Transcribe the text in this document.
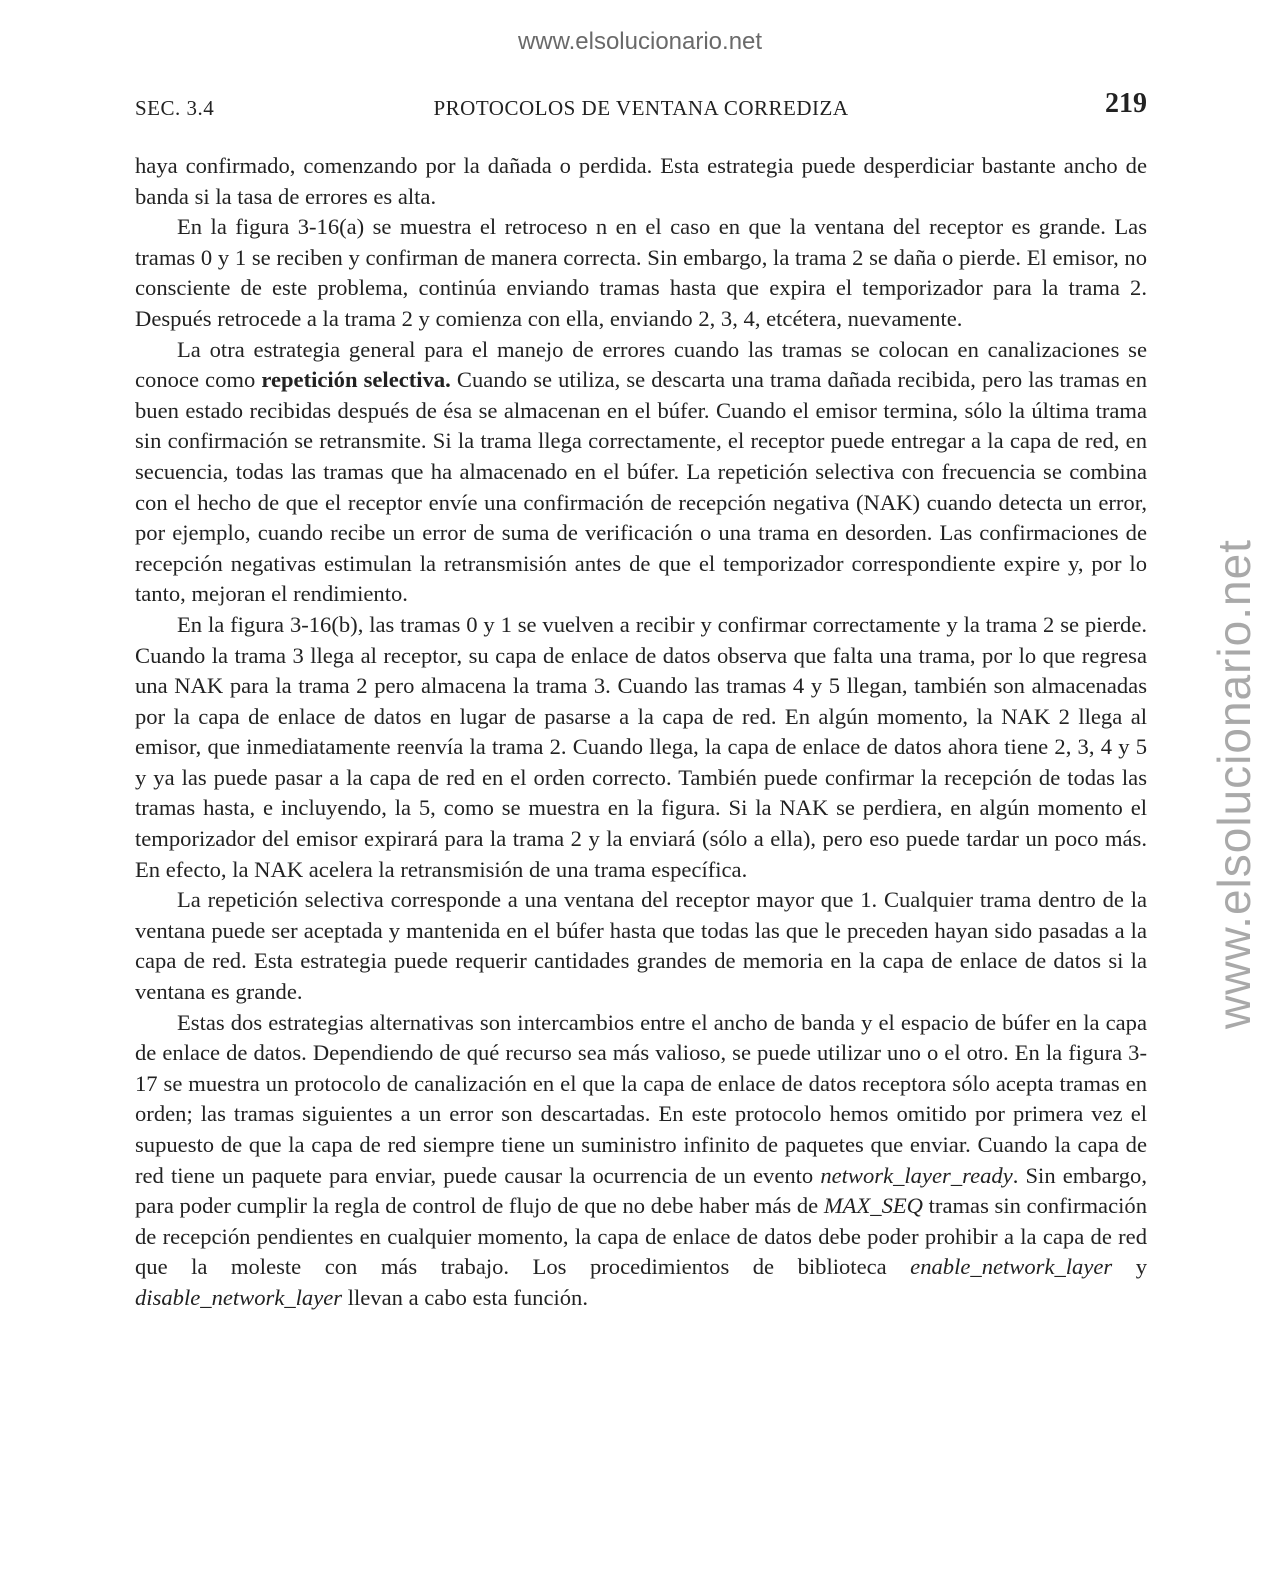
www.elsolucionario.net
www.elsolucionario.net
SEC. 3.4	PROTOCOLOS DE VENTANA CORREDIZA	219

haya confirmado, comenzando por la dañada o perdida. Esta estrategia puede desperdiciar bastante ancho de banda si la tasa de errores es alta.

En la figura 3-16(a) se muestra el retroceso n en el caso en que la ventana del receptor es grande. Las tramas 0 y 1 se reciben y confirman de manera correcta. Sin embargo, la trama 2 se daña o pierde. El emisor, no consciente de este problema, continúa enviando tramas hasta que expira el temporizador para la trama 2. Después retrocede a la trama 2 y comienza con ella, enviando 2, 3, 4, etcétera, nuevamente.

La otra estrategia general para el manejo de errores cuando las tramas se colocan en canalizaciones se conoce como repetición selectiva. Cuando se utiliza, se descarta una trama dañada recibida, pero las tramas en buen estado recibidas después de ésa se almacenan en el búfer. Cuando el emisor termina, sólo la última trama sin confirmación se retransmite. Si la trama llega correctamente, el receptor puede entregar a la capa de red, en secuencia, todas las tramas que ha almacenado en el búfer. La repetición selectiva con frecuencia se combina con el hecho de que el receptor envíe una confirmación de recepción negativa (NAK) cuando detecta un error, por ejemplo, cuando recibe un error de suma de verificación o una trama en desorden. Las confirmaciones de recepción negativas estimulan la retransmisión antes de que el temporizador correspondiente expire y, por lo tanto, mejoran el rendimiento.

En la figura 3-16(b), las tramas 0 y 1 se vuelven a recibir y confirmar correctamente y la trama 2 se pierde. Cuando la trama 3 llega al receptor, su capa de enlace de datos observa que falta una trama, por lo que regresa una NAK para la trama 2 pero almacena la trama 3. Cuando las tramas 4 y 5 llegan, también son almacenadas por la capa de enlace de datos en lugar de pasarse a la capa de red. En algún momento, la NAK 2 llega al emisor, que inmediatamente reenvía la trama 2. Cuando llega, la capa de enlace de datos ahora tiene 2, 3, 4 y 5 y ya las puede pasar a la capa de red en el orden correcto. También puede confirmar la recepción de todas las tramas hasta, e incluyendo, la 5, como se muestra en la figura. Si la NAK se perdiera, en algún momento el temporizador del emisor expirará para la trama 2 y la enviará (sólo a ella), pero eso puede tardar un poco más. En efecto, la NAK acelera la retransmisión de una trama específica.

La repetición selectiva corresponde a una ventana del receptor mayor que 1. Cualquier trama dentro de la ventana puede ser aceptada y mantenida en el búfer hasta que todas las que le preceden hayan sido pasadas a la capa de red. Esta estrategia puede requerir cantidades grandes de memoria en la capa de enlace de datos si la ventana es grande.

Estas dos estrategias alternativas son intercambios entre el ancho de banda y el espacio de búfer en la capa de enlace de datos. Dependiendo de qué recurso sea más valioso, se puede utilizar uno o el otro. En la figura 3-17 se muestra un protocolo de canalización en el que la capa de enlace de datos receptora sólo acepta tramas en orden; las tramas siguientes a un error son descartadas. En este protocolo hemos omitido por primera vez el supuesto de que la capa de red siempre tiene un suministro infinito de paquetes que enviar. Cuando la capa de red tiene un paquete para enviar, puede causar la ocurrencia de un evento network_layer_ready. Sin embargo, para poder cumplir la regla de control de flujo de que no debe haber más de MAX_SEQ tramas sin confirmación de recepción pendientes en cualquier momento, la capa de enlace de datos debe poder prohibir a la capa de red que la moleste con más trabajo. Los procedimientos de biblioteca enable_network_layer y disable_network_layer llevan a cabo esta función.
